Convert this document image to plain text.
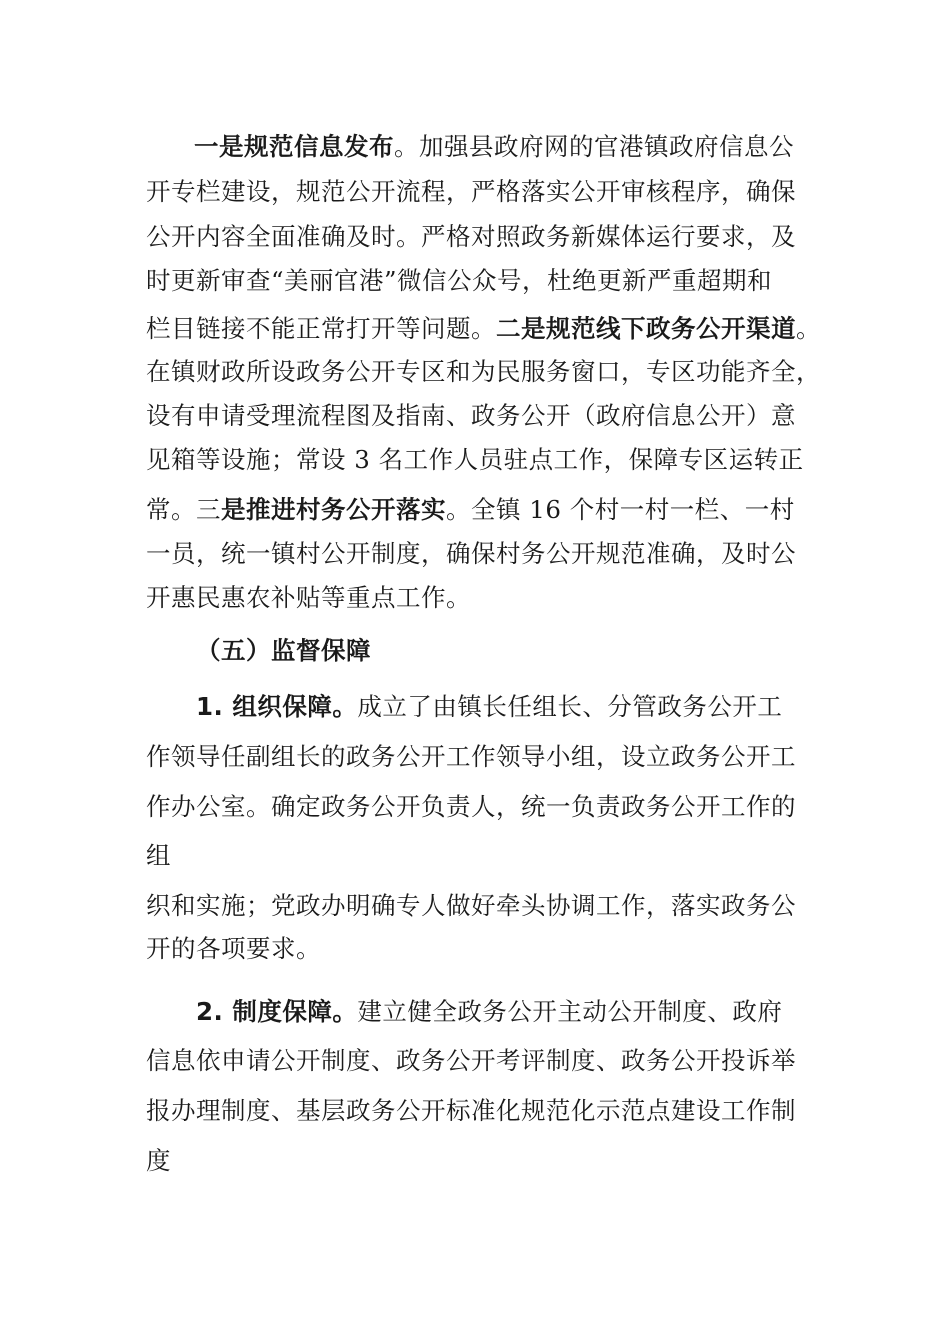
一是规范信息发布。加强县政府网的官港镇政府信息公
开专栏建设，规范公开流程，严格落实公开审核程序，确保
公开内容全面准确及时。严格对照政务新媒体运行要求，及
时更新审查“美丽官港”微信公众号，杜绝更新严重超期和
栏目链接不能正常打开等问题。二是规范线下政务公开渠道。
在镇财政所设政务公开专区和为民服务窗口，专区功能齐全，
设有申请受理流程图及指南、政务公开（政府信息公开）意
见箱等设施；常设 3 名工作人员驻点工作，保障专区运转正
常。三是推进村务公开落实。全镇 16 个村一村一栏、一村
一员，统一镇村公开制度，确保村务公开规范准确，及时公
开惠民惠农补贴等重点工作。
（五）监督保障
1. 组织保障。成立了由镇长任组长、分管政务公开工
作领导任副组长的政务公开工作领导小组，设立政务公开工
作办公室。确定政务公开负责人，统一负责政务公开工作的
组
织和实施；党政办明确专人做好牵头协调工作，落实政务公
开的各项要求。
2. 制度保障。建立健全政务公开主动公开制度、政府
信息依申请公开制度、政务公开考评制度、政务公开投诉举
报办理制度、基层政务公开标准化规范化示范点建设工作制
度
